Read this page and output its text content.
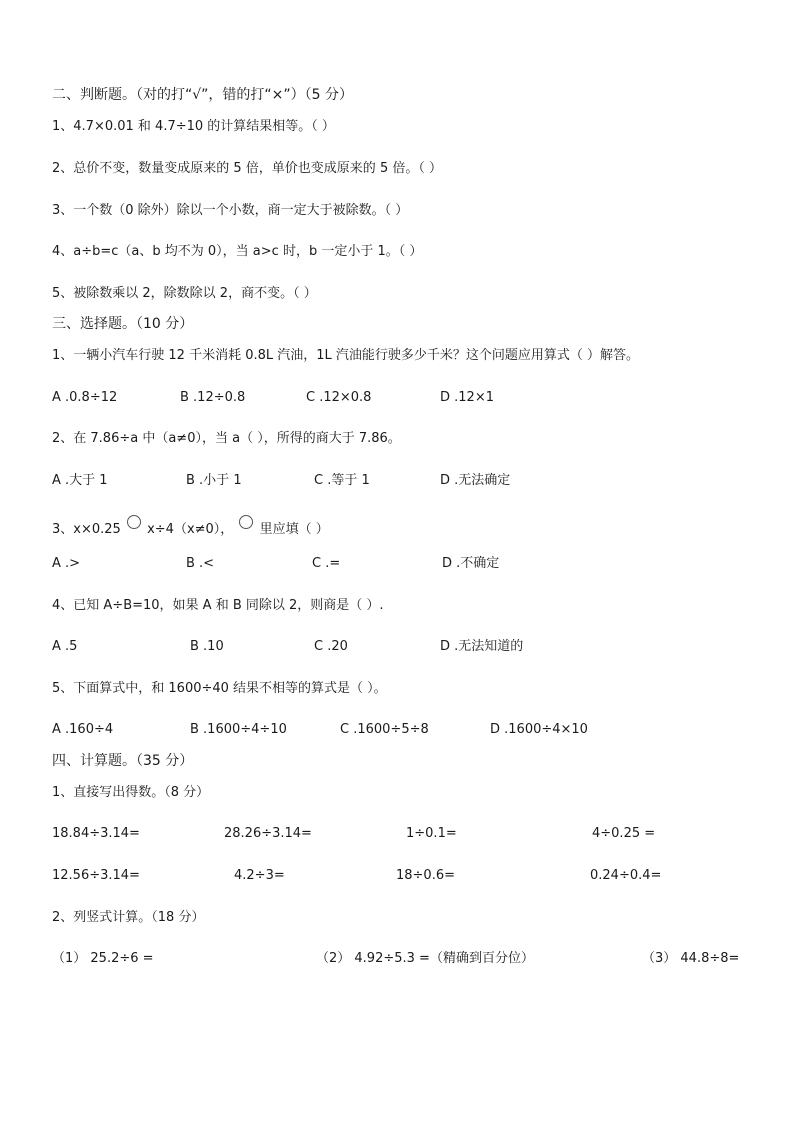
二、判断题。（对的打“√”，错的打“×”）（5 分）
1、4.7×0.01 和 4.7÷10 的计算结果相等。（ ）
2、总价不变，数量变成原来的 5 倍，单价也变成原来的 5 倍。（ ）
3、一个数（0 除外）除以一个小数，商一定大于被除数。（ ）
4、a÷b=c（a、b 均不为 0），当 a>c 时，b 一定小于 1。（ ）
5、被除数乘以 2，除数除以 2，商不变。（ ）
三、选择题。（10 分）
1、一辆小汽车行驶 12 千米消耗 0.8L 汽油，1L 汽油能行驶多少千米？这个问题应用算式（ ）解答。
A .0.8÷12	B .12÷0.8	C .12×0.8	D .12×1
2、在 7.86÷a 中（a≠0），当 a（ ），所得的商大于 7.86。
A .大于 1	B .小于 1	C .等于 1	D .无法确定
3、x×0.25 x÷4（x≠0）， 里应填（ ）
A .>	B .<	C .=	D .不确定
4、已知 A÷B=10，如果 A 和 B 同除以 2，则商是（ ）.
A .5	B .10	C .20	D .无法知道的
5、下面算式中，和 1600÷40 结果不相等的算式是（ ）。
A .160÷4	B .1600÷4÷10	C .1600÷5÷8	D .1600÷4×10
四、计算题。（35 分）
1、直接写出得数。（8 分）
18.84÷3.14=	28.26÷3.14=	1÷0.1=	4÷0.25 =
12.56÷3.14=	4.2÷3=	18÷0.6=	0.24÷0.4=
2、列竖式计算。（18 分）
（1） 25.2÷6 =	（2） 4.92÷5.3 =（精确到百分位）	（3） 44.8÷8=
